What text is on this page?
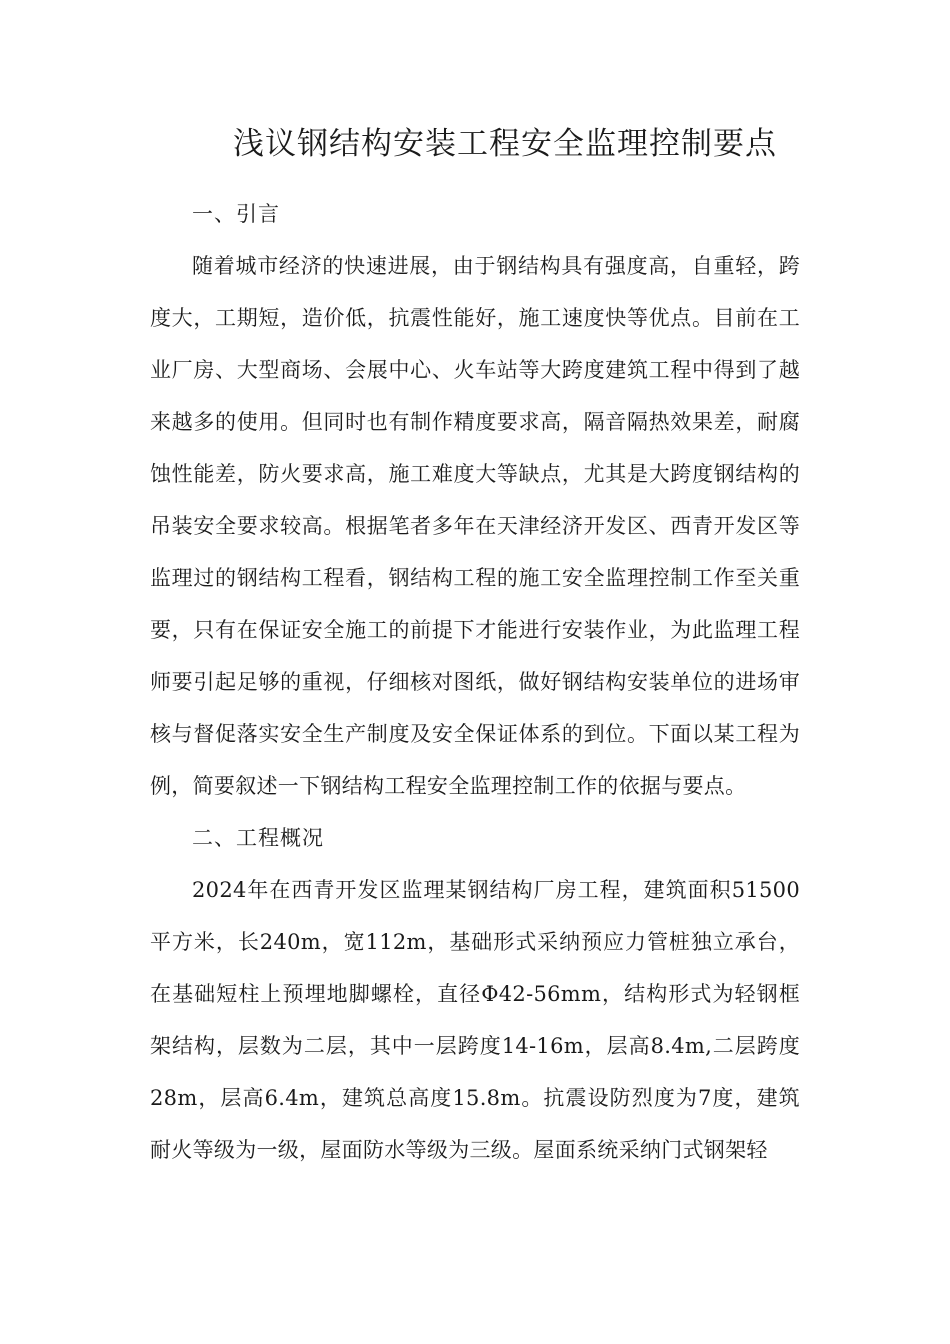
浅议钢结构安装工程安全监理控制要点

一、引言

随着城市经济的快速进展，由于钢结构具有强度高，自重轻，跨度大，工期短，造价低，抗震性能好，施工速度快等优点。目前在工业厂房、大型商场、会展中心、火车站等大跨度建筑工程中得到了越来越多的使用。但同时也有制作精度要求高，隔音隔热效果差，耐腐蚀性能差，防火要求高，施工难度大等缺点，尤其是大跨度钢结构的吊装安全要求较高。根据笔者多年在天津经济开发区、西青开发区等监理过的钢结构工程看，钢结构工程的施工安全监理控制工作至关重要，只有在保证安全施工的前提下才能进行安装作业，为此监理工程师要引起足够的重视，仔细核对图纸，做好钢结构安装单位的进场审核与督促落实安全生产制度及安全保证体系的到位。下面以某工程为例，简要叙述一下钢结构工程安全监理控制工作的依据与要点。

二、工程概况

2024年在西青开发区监理某钢结构厂房工程，建筑面积51500平方米，长240m，宽112m，基础形式采纳预应力管桩独立承台，在基础短柱上预埋地脚螺栓，直径Φ42-56mm，结构形式为轻钢框架结构，层数为二层，其中一层跨度14-16m，层高8.4m,二层跨度28m，层高6.4m，建筑总高度15.8m。抗震设防烈度为7度，建筑耐火等级为一级，屋面防水等级为三级。屋面系统采纳门式钢架轻
